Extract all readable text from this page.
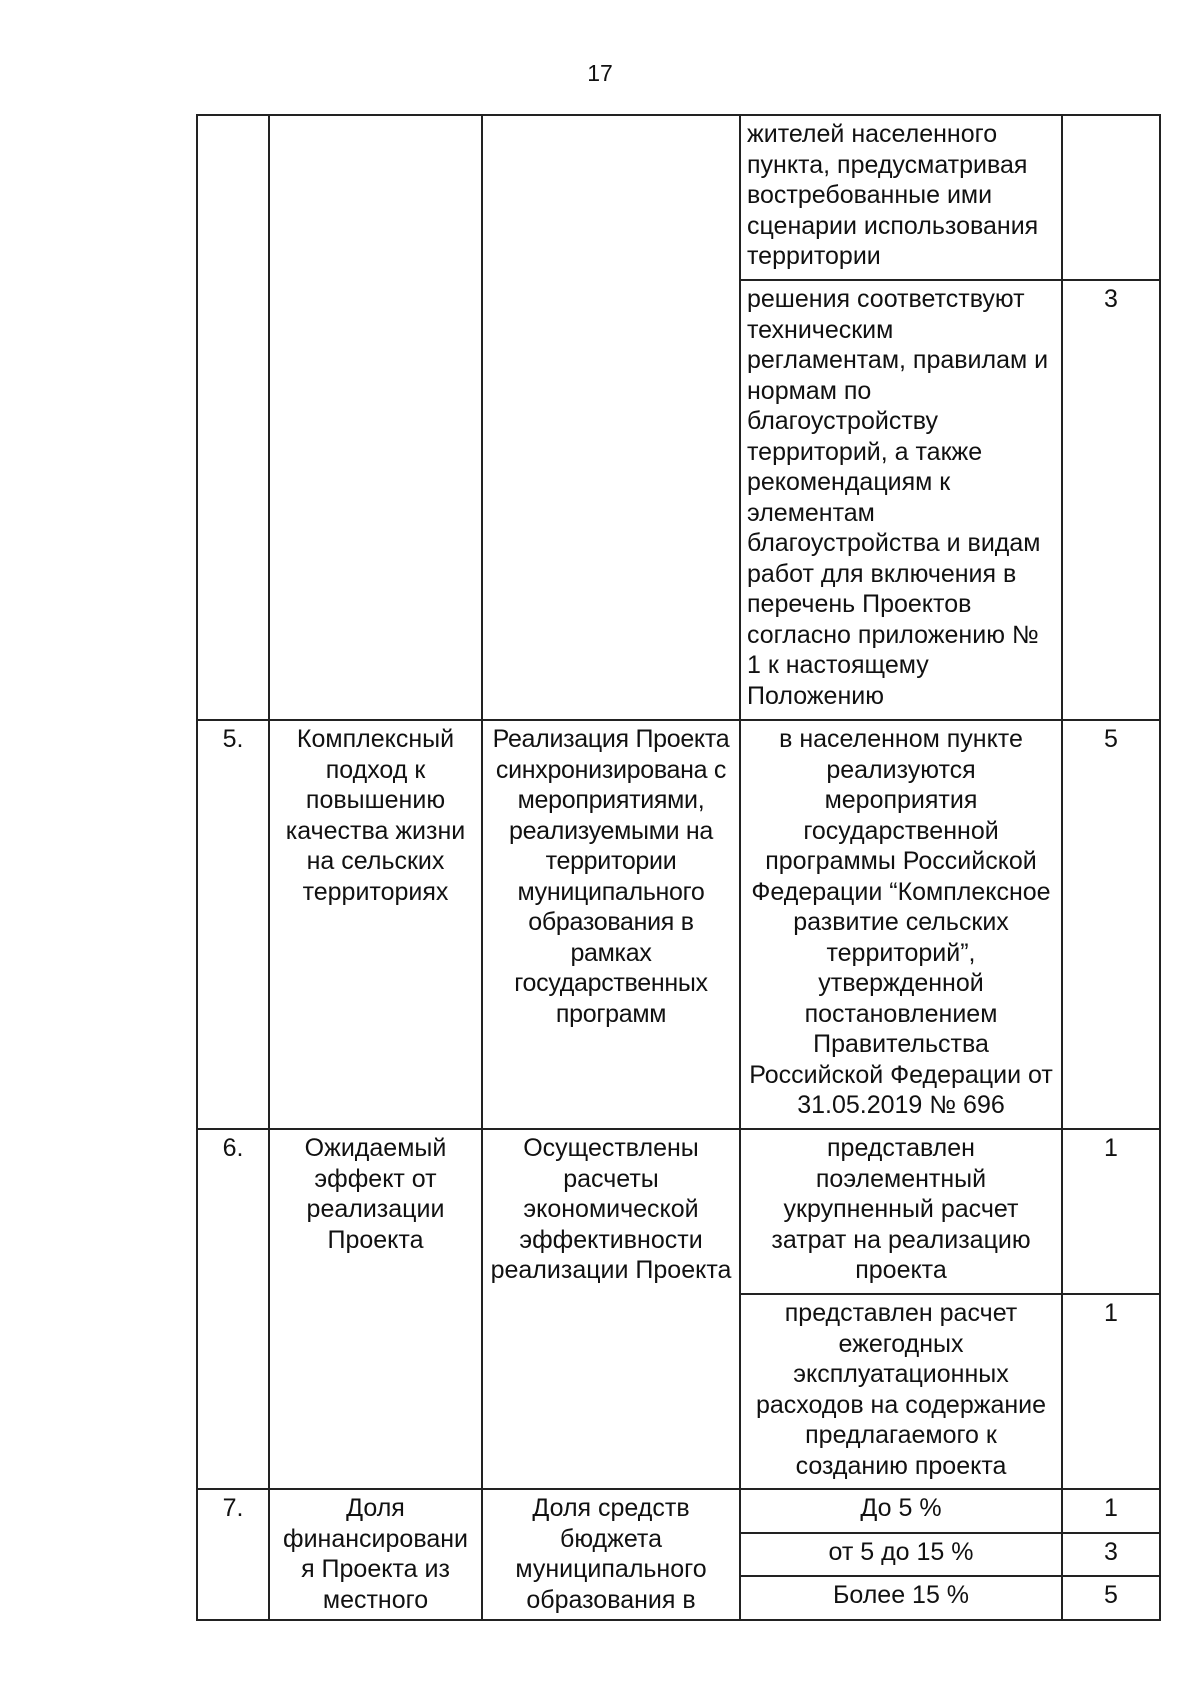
17
			жителей населенного пункта, предусматривая востребованные ими сценарии использования территории	
			решения соответствуют техническим регламентам, правилам и нормам по благоустройству территорий, а также рекомендациям к элементам благоустройства и видам работ для включения в перечень Проектов согласно приложению № 1 к настоящему Положению	3
5.	Комплексный подход к повышению качества жизни на сельских территориях	Реализация Проекта синхронизирована с мероприятиями, реализуемыми на территории муниципального образования в рамках государственных программ	в населенном пункте реализуются мероприятия государственной программы Российской Федерации “Комплексное развитие сельских территорий”, утвержденной постановлением Правительства Российской Федерации от 31.05.2019 № 696	5
6.	Ожидаемый эффект от реализации Проекта	Осуществлены расчеты экономической эффективности реализации Проекта	представлен поэлементный укрупненный расчет затрат на реализацию проекта	1
			представлен расчет ежегодных эксплуатационных расходов на содержание предлагаемого к созданию проекта	1
7.	Доля финансировани я Проекта из местного	Доля средств бюджета муниципального образования в	До 5 %	1
			от 5 до 15 %	3
			Более 15 %	5
